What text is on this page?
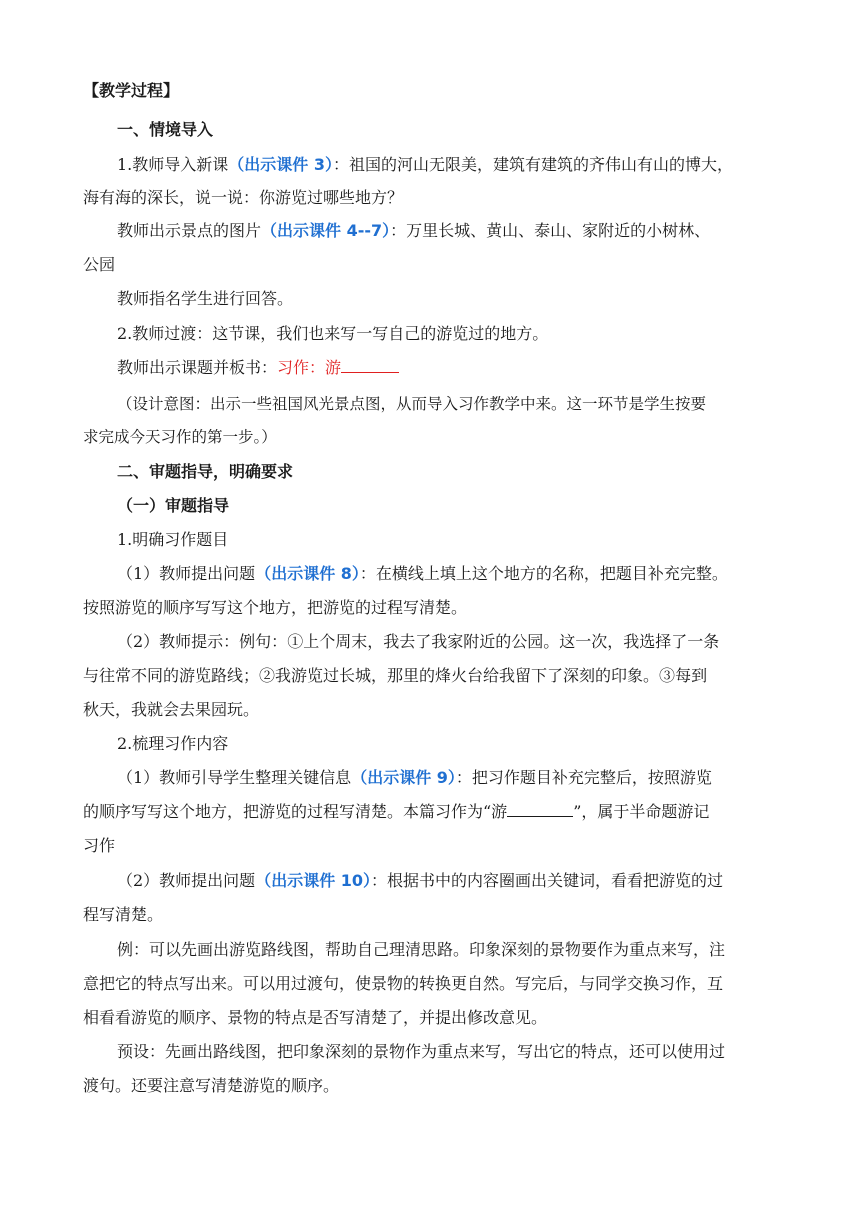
【教学过程】
一、情境导入
1.教师导入新课（出示课件 3）：祖国的河山无限美，建筑有建筑的齐伟山有山的博大，
海有海的深长，说一说：你游览过哪些地方？
教师出示景点的图片（出示课件 4--7）：万里长城、黄山、泰山、家附近的小树林、
公园
教师指名学生进行回答。
2.教师过渡：这节课，我们也来写一写自己的游览过的地方。
教师出示课题并板书：习作：游
（设计意图：出示一些祖国风光景点图，从而导入习作教学中来。这一环节是学生按要
求完成今天习作的第一步。）
二、审题指导，明确要求
（一）审题指导
1.明确习作题目
（1）教师提出问题（出示课件 8）：在横线上填上这个地方的名称，把题目补充完整。
按照游览的顺序写写这个地方，把游览的过程写清楚。
（2）教师提示：例句：①上个周末，我去了我家附近的公园。这一次，我选择了一条
与往常不同的游览路线；②我游览过长城，那里的烽火台给我留下了深刻的印象。③每到
秋天，我就会去果园玩。
2.梳理习作内容
（1）教师引导学生整理关键信息（出示课件 9）：把习作题目补充完整后，按照游览
的顺序写写这个地方，把游览的过程写清楚。本篇习作为“游	”，属于半命题游记
习作
（2）教师提出问题（出示课件 10）：根据书中的内容圈画出关键词，看看把游览的过
程写清楚。
例：可以先画出游览路线图，帮助自己理清思路。印象深刻的景物要作为重点来写，注
意把它的特点写出来。可以用过渡句，使景物的转换更自然。写完后，与同学交换习作，互
相看看游览的顺序、景物的特点是否写清楚了，并提出修改意见。
预设：先画出路线图，把印象深刻的景物作为重点来写，写出它的特点，还可以使用过
渡句。还要注意写清楚游览的顺序。
